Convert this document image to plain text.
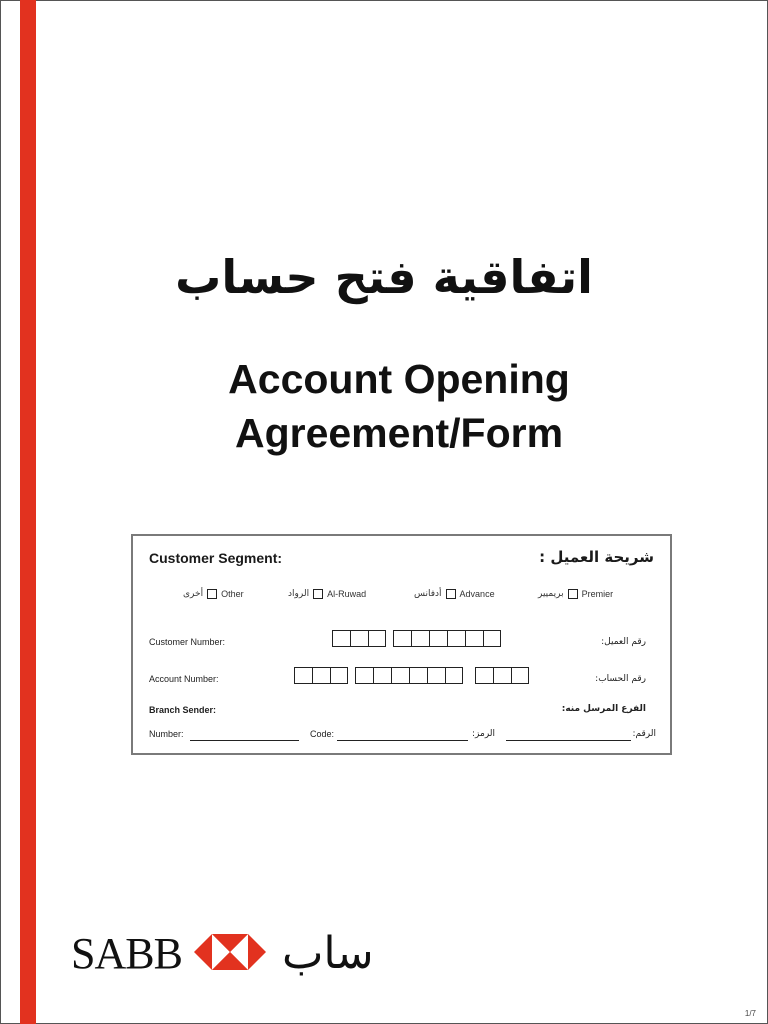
اتفاقية فتح حساب
Account Opening
Agreement/Form
Customer Segment:	شريحة العميل :
أخرى Other	الرواد Al-Ruwad	أدفانس Advance	بريميير Premier
Customer Number:	رقم العميل:
Account Number:	رقم الحساب:
Branch Sender:	الفرع المرسل منه:
Number:	Code:	الرمز:	الرقم:
SABB ساب
1/7
